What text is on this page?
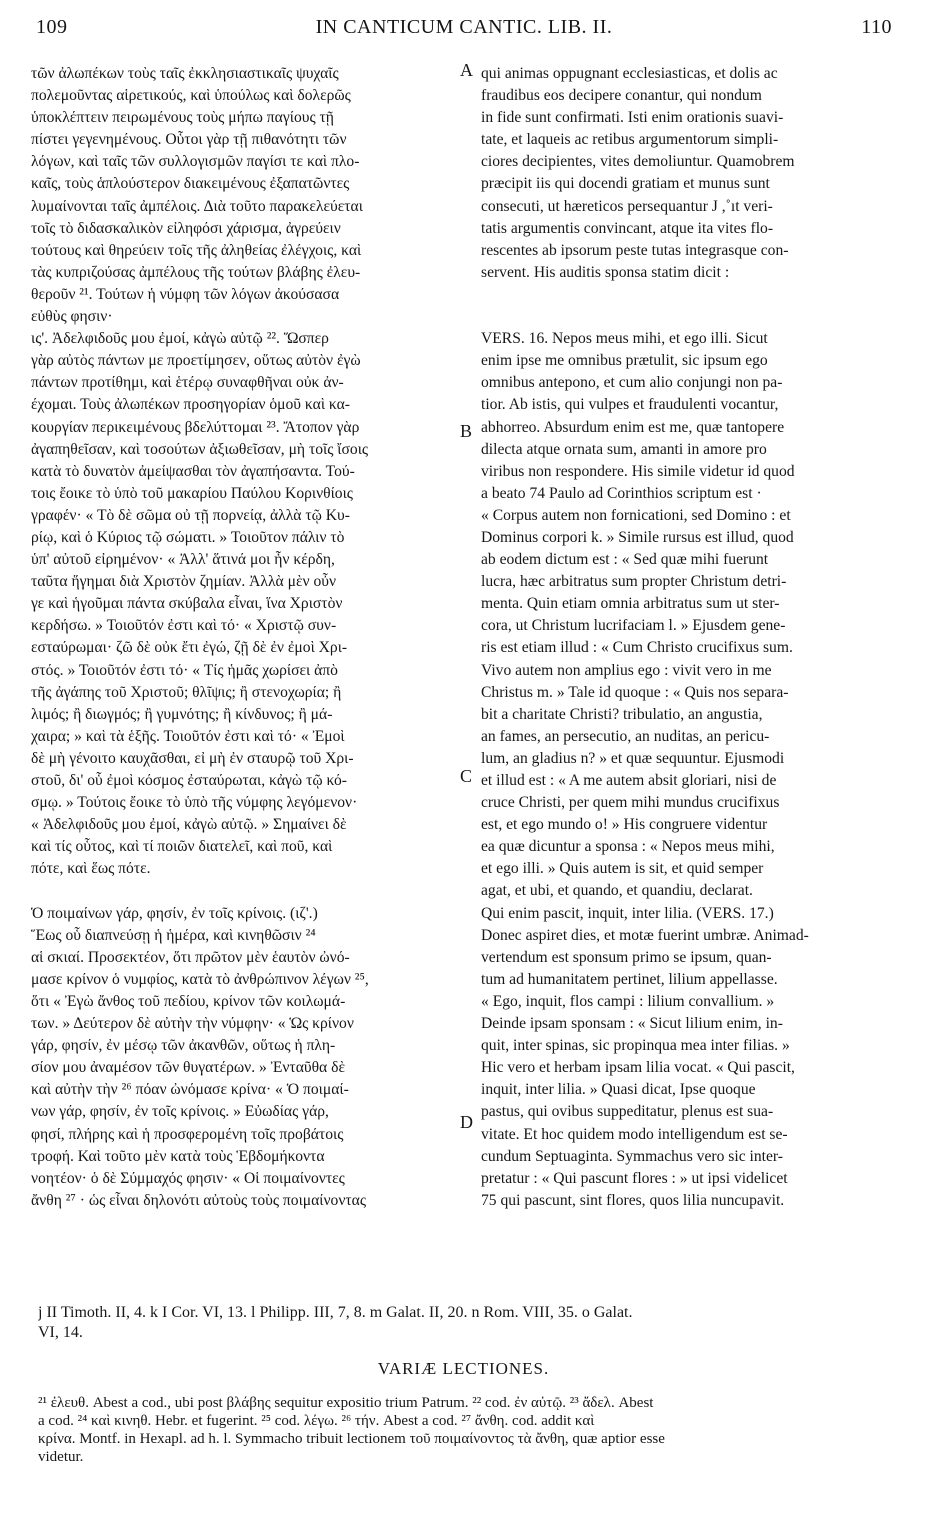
109	IN CANTICUM CANTIC. LIB. II.	110
A
B
C
D
τῶν ἀλωπέκων τοὺς ταῖς ἐκκλησιαστικαῖς ψυχαῖς
πολεμοῦντας αἱρετικούς, καὶ ὑπούλως καὶ δολερῶς
ὑποκλέπτειν πειρωμένους τοὺς μήπω παγίους τῇ
πίστει γεγενημένους. Οὗτοι γὰρ τῇ πιθανότητι τῶν
λόγων, καὶ ταῖς τῶν συλλογισμῶν παγίσι τε καὶ πλο-
καῖς, τοὺς ἁπλούστερον διακειμένους ἐξαπατῶντες
λυμαίνονται ταῖς ἀμπέλοις. Διὰ τοῦτο παρακελεύεται
τοῖς τὸ διδασκαλικὸν εἰληφόσι χάρισμα, ἀγρεύειν
τούτους καὶ θηρεύειν τοῖς τῆς ἀληθείας ἐλέγχοις, καὶ
τὰς κυπριζούσας ἀμπέλους τῆς τούτων βλάβης ἐλευ-
θεροῦν ²¹. Τούτων ἡ νύμφη τῶν λόγων ἀκούσασα
εὐθὺς φησιν·
ις'. Ἀδελφιδοῦς μου ἐμοί, κἀγὼ αὐτῷ ²². Ὥσπερ
γὰρ αὐτὸς πάντων με προετίμησεν, οὕτως αὐτὸν ἐγὼ
πάντων προτίθημι, καὶ ἑτέρῳ συναφθῆναι οὐκ ἀν-
έχομαι. Τοὺς ἀλωπέκων προσηγορίαν ὁμοῦ καὶ κα-
κουργίαν περικειμένους βδελύττομαι ²³. Ἄτοπον γὰρ
ἀγαπηθεῖσαν, καὶ τοσούτων ἀξιωθεῖσαν, μὴ τοῖς ἴσοις
κατὰ τὸ δυνατὸν ἀμείψασθαι τὸν ἀγαπήσαντα. Τού-
τοις ἔοικε τὸ ὑπὸ τοῦ μακαρίου Παύλου Κορινθίοις
γραφέν· « Τὸ δὲ σῶμα οὐ τῇ πορνείᾳ, ἀλλὰ τῷ Κυ-
ρίῳ, καὶ ὁ Κύριος τῷ σώματι. » Τοιοῦτον πάλιν τὸ
ὑπ' αὐτοῦ εἰρημένον· « Ἀλλ' ἅτινά μοι ἦν κέρδη,
ταῦτα ἥγημαι διὰ Χριστὸν ζημίαν. Ἀλλὰ μὲν οὖν
γε καὶ ἡγοῦμαι πάντα σκύβαλα εἶναι, ἵνα Χριστὸν
κερδήσω. » Τοιοῦτόν ἐστι καὶ τό· « Χριστῷ συν-
εσταύρωμαι· ζῶ δὲ οὐκ ἔτι ἐγώ, ζῇ δὲ ἐν ἐμοὶ Χρι-
στός. » Τοιοῦτόν ἐστι τό· « Τίς ἡμᾶς χωρίσει ἀπὸ
τῆς ἀγάπης τοῦ Χριστοῦ; θλῖψις; ἢ στενοχωρία; ἢ
λιμός; ἢ διωγμός; ἢ γυμνότης; ἢ κίνδυνος; ἢ μά-
χαιρα; » καὶ τὰ ἑξῆς. Τοιοῦτόν ἐστι καὶ τό· « Ἐμοὶ
δὲ μὴ γένοιτο καυχᾶσθαι, εἰ μὴ ἐν σταυρῷ τοῦ Χρι-
στοῦ, δι' οὗ ἐμοὶ κόσμος ἐσταύρωται, κἀγὼ τῷ κό-
σμῳ. » Τούτοις ἔοικε τὸ ὑπὸ τῆς νύμφης λεγόμενον·
« Ἀδελφιδοῦς μου ἐμοί, κἀγὼ αὐτῷ. » Σημαίνει δὲ
καὶ τίς οὗτος, καὶ τί ποιῶν διατελεῖ, καὶ ποῦ, καὶ
πότε, καὶ ἕως πότε.
Ὁ ποιμαίνων γάρ, φησίν, ἐν τοῖς κρίνοις. (ιζ'.)
Ἕως οὗ διαπνεύσῃ ἡ ἡμέρα, καὶ κινηθῶσιν ²⁴
αἱ σκιαί. Προσεκτέον, ὅτι πρῶτον μὲν ἑαυτὸν ὠνό-
μασε κρίνον ὁ νυμφίος, κατὰ τὸ ἀνθρώπινον λέγων ²⁵,
ὅτι « Ἐγὼ ἄνθος τοῦ πεδίου, κρίνον τῶν κοιλωμά-
των. » Δεύτερον δὲ αὐτὴν τὴν νύμφην· « Ὡς κρίνον
γάρ, φησίν, ἐν μέσῳ τῶν ἀκανθῶν, οὕτως ἡ πλη-
σίον μου ἀναμέσον τῶν θυγατέρων. » Ἐνταῦθα δὲ
καὶ αὐτὴν τὴν ²⁶ πόαν ὠνόμασε κρίνα· « Ὁ ποιμαί-
νων γάρ, φησίν, ἐν τοῖς κρίνοις. » Εὐωδίας γάρ,
φησί, πλήρης καὶ ἡ προσφερομένη τοῖς προβάτοις
τροφή. Καὶ τοῦτο μὲν κατὰ τοὺς Ἑβδομήκοντα
νοητέον· ὁ δὲ Σύμμαχός φησιν· « Οἱ ποιμαίνοντες
ἄνθη ²⁷ · ὡς εἶναι δηλονότι αὐτοὺς τοὺς ποιμαίνοντας
qui animas oppugnant ecclesiasticas, et dolis ac
fraudibus eos decipere conantur, qui nondum
in fide sunt confirmati. Isti enim orationis suavi-
tate, et laqueis ac retibus argumentorum simpli-
ciores decipientes, vites demoliuntur. Quamobrem
præcipit iis qui docendi gratiam et munus sunt
consecuti, ut hæreticos persequantur J ,˚ıt veri-
tatis argumentis convincant, atque ita vites flo-
rescentes ab ipsorum peste tutas integrasque con-
servent. His auditis sponsa statim dicit :
VERS. 16. Nepos meus mihi, et ego illi. Sicut
enim ipse me omnibus prætulit, sic ipsum ego
omnibus antepono, et cum alio conjungi non pa-
tior. Ab istis, qui vulpes et fraudulenti vocantur,
abhorreo. Absurdum enim est me, quæ tantopere
dilecta atque ornata sum, amanti in amore pro
viribus non respondere. His simile videtur id quod
a beato 74 Paulo ad Corinthios scriptum est ·
« Corpus autem non fornicationi, sed Domino : et
Dominus corpori k. » Simile rursus est illud, quod
ab eodem dictum est : « Sed quæ mihi fuerunt
lucra, hæc arbitratus sum propter Christum detri-
menta. Quin etiam omnia arbitratus sum ut ster-
cora, ut Christum lucrifaciam l. » Ejusdem gene-
ris est etiam illud : « Cum Christo crucifixus sum.
Vivo autem non amplius ego : vivit vero in me
Christus m. » Tale id quoque : « Quis nos separa-
bit a charitate Christi? tribulatio, an angustia,
an fames, an persecutio, an nuditas, an pericu-
lum, an gladius n? » et quæ sequuntur. Ejusmodi
et illud est : « A me autem absit gloriari, nisi de
cruce Christi, per quem mihi mundus crucifixus
est, et ego mundo o! » His congruere videntur
ea quæ dicuntur a sponsa : « Nepos meus mihi,
et ego illi. » Quis autem is sit, et quid semper
agat, et ubi, et quando, et quandiu, declarat.
Qui enim pascit, inquit, inter lilia. (VERS. 17.)
Donec aspiret dies, et motæ fuerint umbræ. Animad-
vertendum est sponsum primo se ipsum, quan-
tum ad humanitatem pertinet, lilium appellasse.
« Ego, inquit, flos campi : lilium convallium. »
Deinde ipsam sponsam : « Sicut lilium enim, in-
quit, inter spinas, sic propinqua mea inter filias. »
Hic vero et herbam ipsam lilia vocat. « Qui pascit,
inquit, inter lilia. » Quasi dicat, Ipse quoque
pastus, qui ovibus suppeditatur, plenus est sua-
vitate. Et hoc quidem modo intelligendum est se-
cundum Septuaginta. Symmachus vero sic inter-
pretatur : « Qui pascunt flores : » ut ipsi videlicet
75 qui pascunt, sint flores, quos lilia nuncupavit.
j II Timoth. II, 4. k I Cor. VI, 13. l Philipp. III, 7, 8. m Galat. II, 20. n Rom. VIII, 35. o Galat.
VI, 14.
VARIÆ LECTIONES.
²¹ ἐλευθ. Abest a cod., ubi post βλάβης sequitur expositio trium Patrum. ²² cod. ἐν αὐτῷ. ²³ ἄδελ. Abest
a cod. ²⁴ καὶ κινηθ. Hebr. et fugerint. ²⁵ cod. λέγω. ²⁶ τήν. Abest a cod. ²⁷ ἄνθη. cod. addit καὶ
κρίνα. Montf. in Hexapl. ad h. l. Symmacho tribuit lectionem τοῦ ποιμαίνοντος τὰ ἄνθη, quæ aptior esse
videtur.
